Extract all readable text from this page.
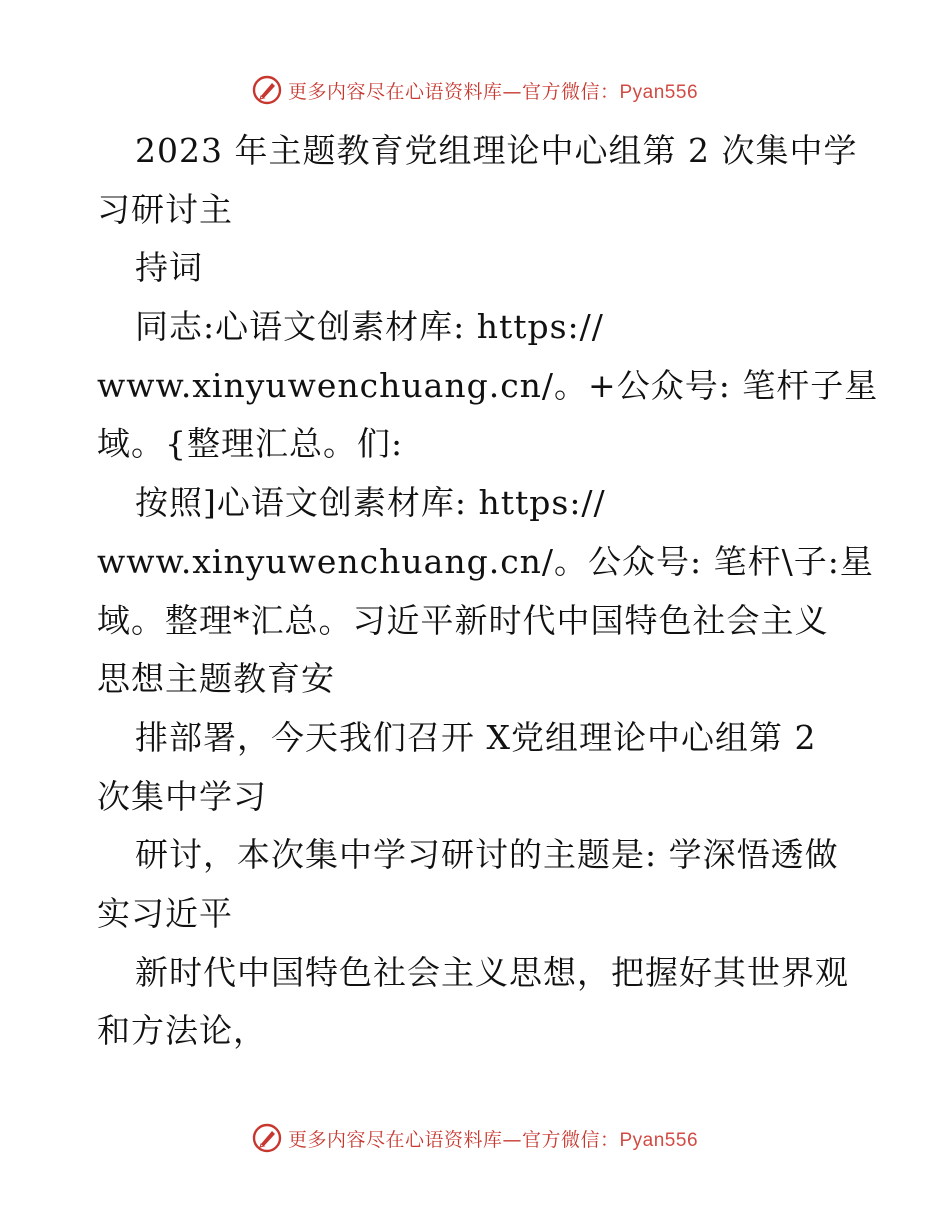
更多内容尽在心语资料库—官方微信：Pyan556
2023 年主题教育党组理论中心组第 2 次集中学
习研讨主
持词
同志:心语文创素材库: https://
www.xinyuwenchuang.cn/。+公众号: 笔杆子星
域。{整理汇总。们:
按照]心语文创素材库: https://
www.xinyuwenchuang.cn/。公众号: 笔杆\子:星
域。整理*汇总。习近平新时代中国特色社会主义
思想主题教育安
排部署，今天我们召开 X党组理论中心组第 2
次集中学习
研讨，本次集中学习研讨的主题是: 学深悟透做
实习近平
新时代中国特色社会主义思想，把握好其世界观
和方法论，
更多内容尽在心语资料库—官方微信：Pyan556
